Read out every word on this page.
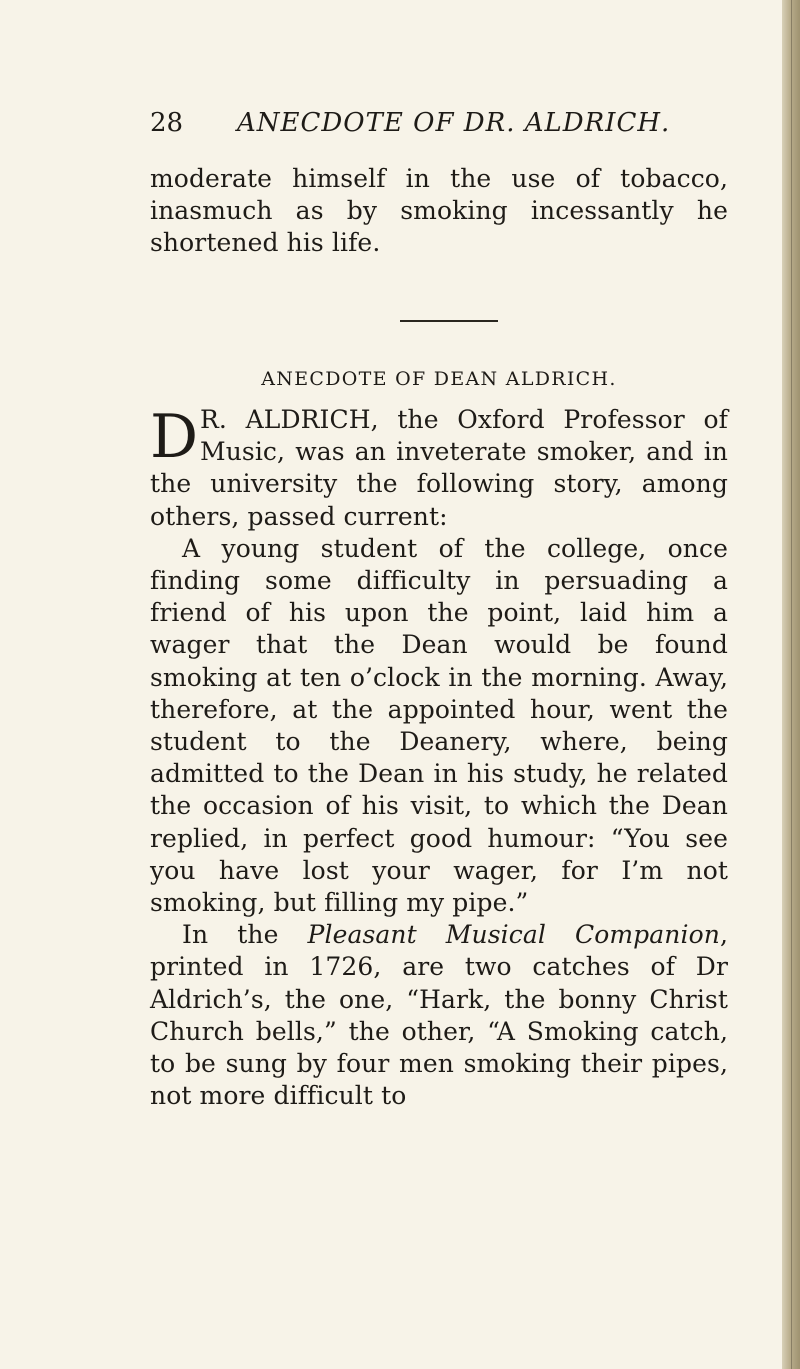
28 ANECDOTE OF DR. ALDRICH.

moderate himself in the use of tobacco, inasmuch as by smoking incessantly he shortened his life.

ANECDOTE OF DEAN ALDRICH.

D R. ALDRICH, the Oxford Professor of Music, was an inveterate smoker, and in the university the following story, among others, passed current:

A young student of the college, once finding some difficulty in persuading a friend of his upon the point, laid him a wager that the Dean would be found smoking at ten o’clock in the morning. Away, therefore, at the appointed hour, went the student to the Deanery, where, being admitted to the Dean in his study, he related the occasion of his visit, to which the Dean replied, in perfect good humour: “You see you have lost your wager, for I’m not smoking, but filling my pipe.”

In the Pleasant Musical Companion, printed in 1726, are two catches of Dr Aldrich’s, the one, “Hark, the bonny Christ Church bells,” the other, “A Smoking catch, to be sung by four men smoking their pipes, not more difficult to
